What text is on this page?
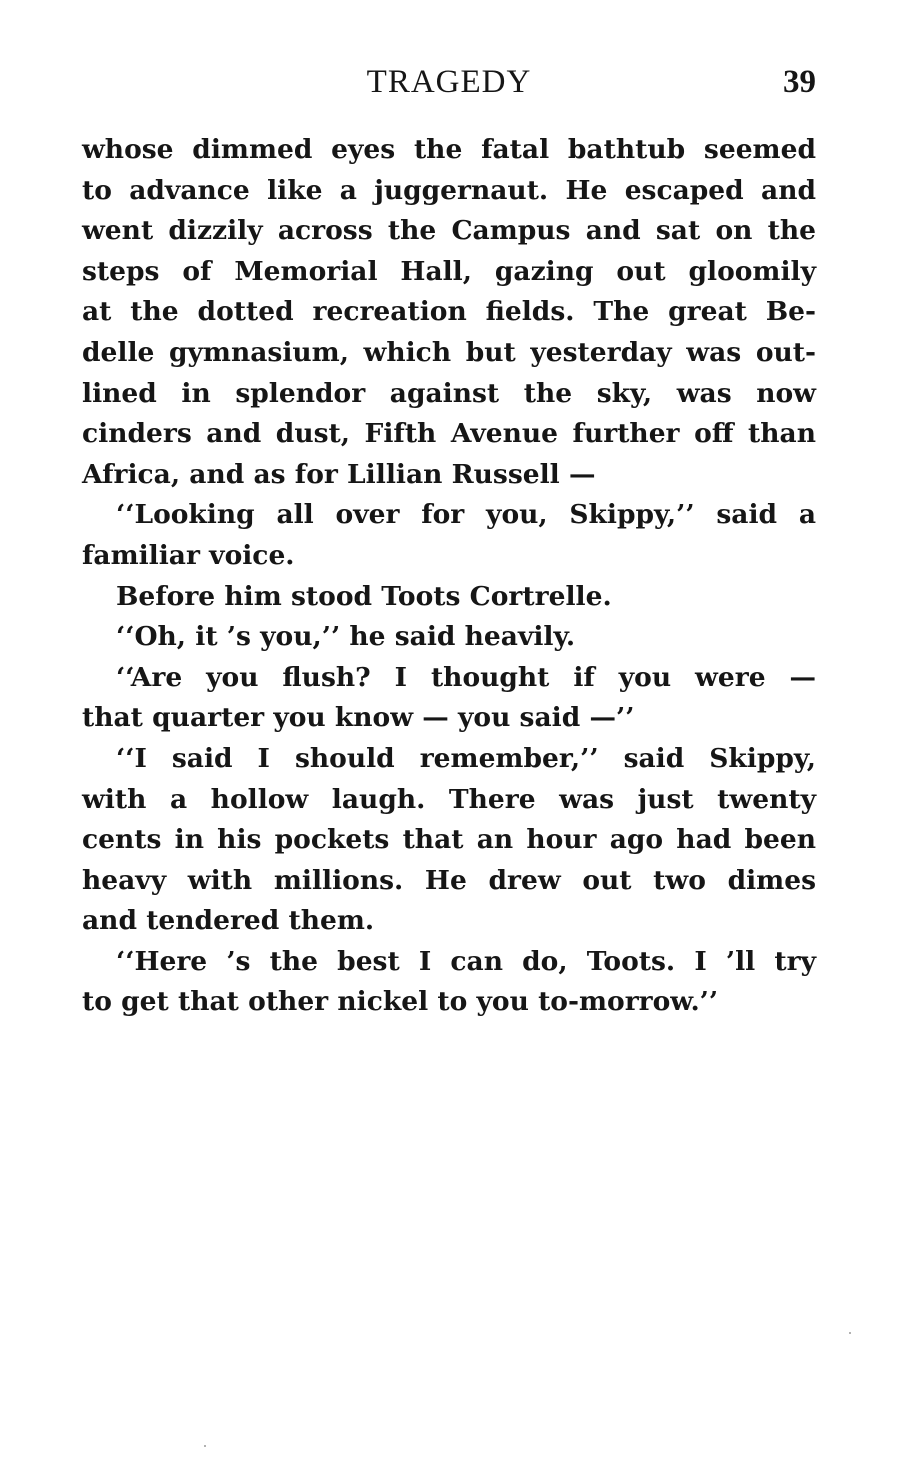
TRAGEDY	39
whose dimmed eyes the fatal bathtub seemed
to advance like a juggernaut. He escaped and
went dizzily across the Campus and sat on the
steps of Memorial Hall, gazing out gloomily
at the dotted recreation fields. The great Be-
delle gymnasium, which but yesterday was out-
lined in splendor against the sky, was now
cinders and dust, Fifth Avenue further off than
Africa, and as for Lillian Russell —
‘‘Looking all over for you, Skippy,’’ said a
familiar voice.
Before him stood Toots Cortrelle.
‘‘Oh, it ’s you,’’ he said heavily.
‘‘Are you flush? I thought if you were —
that quarter you know — you said —’’
‘‘I said I should remember,’’ said Skippy,
with a hollow laugh. There was just twenty
cents in his pockets that an hour ago had been
heavy with millions. He drew out two dimes
and tendered them.
‘‘Here ’s the best I can do, Toots. I ’ll try
to get that other nickel to you to-morrow.’’
